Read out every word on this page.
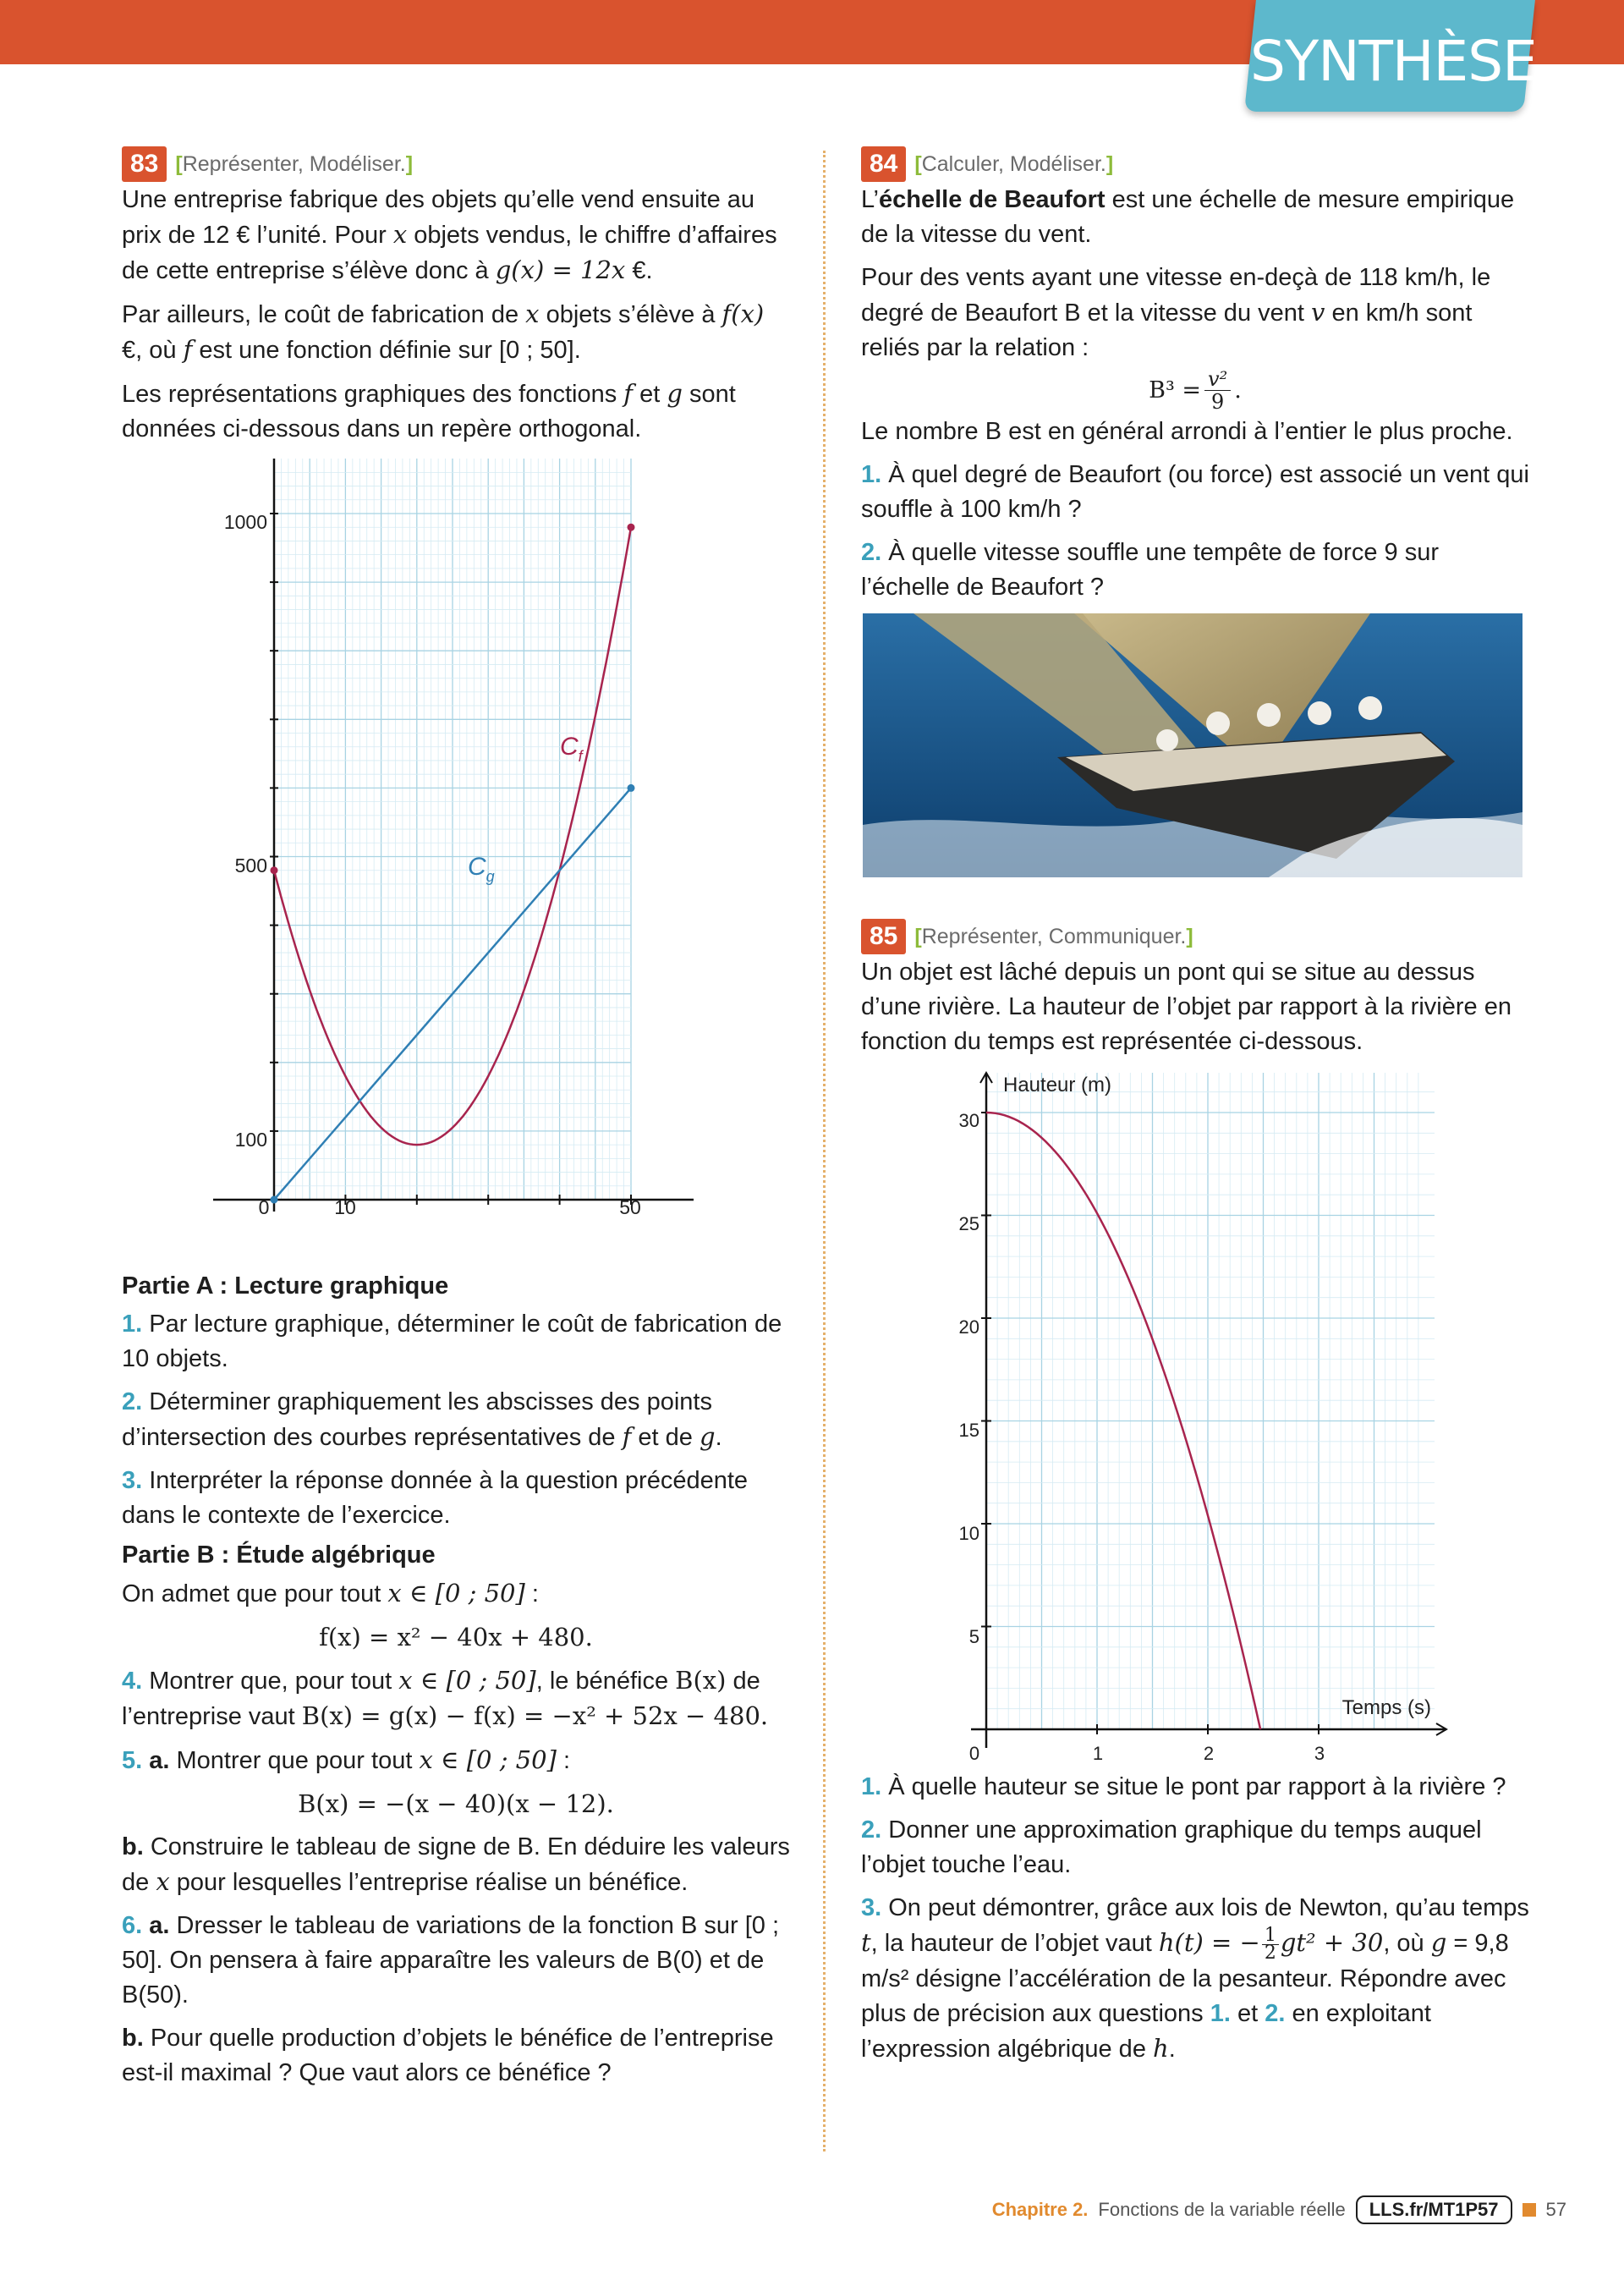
SYNTHÈSE
83 [Représenter, Modéliser.]

Une entreprise fabrique des objets qu’elle vend ensuite au prix de 12 € l’unité. Pour x objets vendus, le chiffre d’affaires de cette entreprise s’élève donc à g(x) = 12x €.

Par ailleurs, le coût de fabrication de x objets s’élève à f(x) €, où f est une fonction définie sur [0 ; 50].

Les représentations graphiques des fonctions f et g sont données ci-dessous dans un repère orthogonal.

1000
500
100
0	10	50
$C_f$
$C_g$
Partie A : Lecture graphique

1. Par lecture graphique, déterminer le coût de fabrication de 10 objets.

2. Déterminer graphiquement les abscisses des points d’intersection des courbes représentatives de f et de g.

3. Interpréter la réponse donnée à la question précédente dans le contexte de l’exercice.

Partie B : Étude algébrique

On admet que pour tout x ∈ [0 ; 50] :

f(x) = x² − 40x + 480.

4. Montrer que, pour tout x ∈ [0 ; 50], le bénéfice B(x) de l’entreprise vaut B(x) = g(x) − f(x) = −x² + 52x − 480.

5. a. Montrer que pour tout x ∈ [0 ; 50] :

B(x) = −(x − 40)(x − 12).

b. Construire le tableau de signe de B. En déduire les valeurs de x pour lesquelles l’entreprise réalise un bénéfice.

6. a. Dresser le tableau de variations de la fonction B sur [0 ; 50]. On pensera à faire apparaître les valeurs de B(0) et de B(50).

b. Pour quelle production d’objets le bénéfice de l’entreprise est-il maximal ? Que vaut alors ce bénéfice ?

84 [Calculer, Modéliser.]

L’échelle de Beaufort est une échelle de mesure empirique de la vitesse du vent.

Pour des vents ayant une vitesse en-deçà de 118 km/h, le degré de Beaufort B et la vitesse du vent v en km/h sont reliés par la relation :

$B^3 = \frac{\text{v²}}{9}$ .

Le nombre B est en général arrondi à l’entier le plus proche.

1. À quel degré de Beaufort (ou force) est associé un vent qui souffle à 100 km/h ?

2. À quelle vitesse souffle une tempête de force 9 sur l’échelle de Beaufort ?

85 [Représenter, Communiquer.]

Un objet est lâché depuis un pont qui se situe au dessus d’une rivière. La hauteur de l’objet par rapport à la rivière en fonction du temps est représentée ci-dessous.

Hauteur (m)
Temps (s)
30
25
20
15
10
5
0	1	2	3

1. À quelle hauteur se situe le pont par rapport à la rivière ?

2. Donner une approximation graphique du temps auquel l’objet touche l’eau.

3. On peut démontrer, grâce aux lois de Newton, qu’au temps t, la hauteur de l’objet vaut h(t) = − $\frac{1}{2} gt^2 + 30$, où g = 9,8 m/s² désigne l’accélération de la pesanteur. Répondre avec plus de précision aux questions 1. et 2. en exploitant l’expression algébrique de h.

Chapitre 2. Fonctions de la variable réelle	LLS.fr/MT1P57	57
